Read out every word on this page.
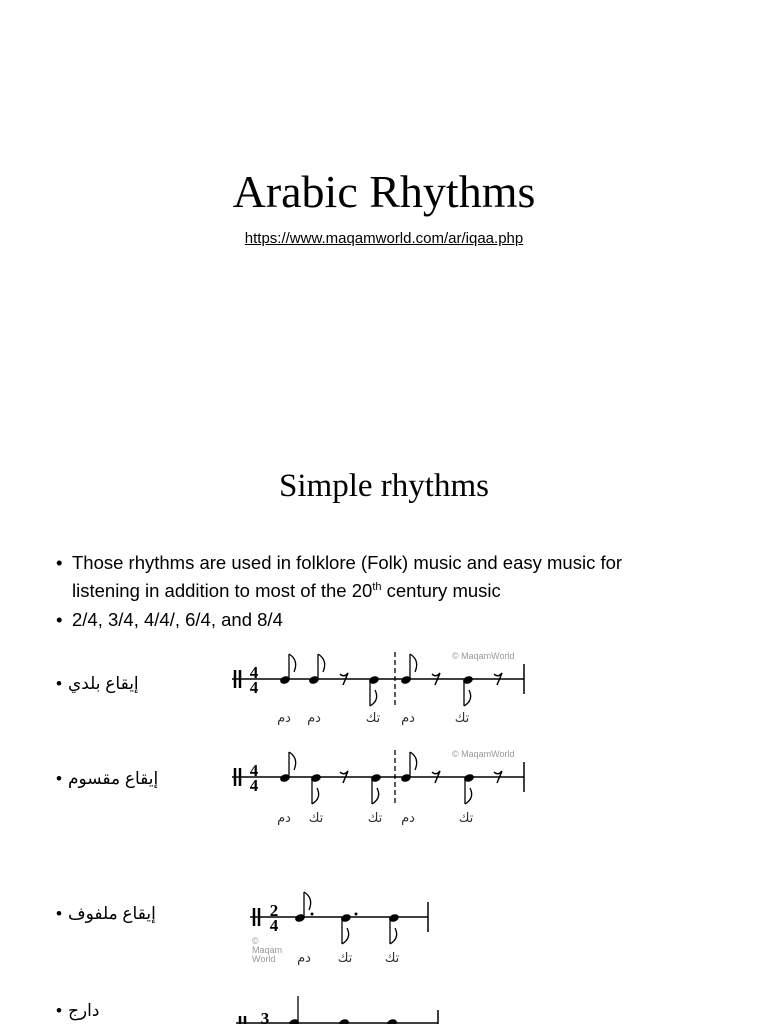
Arabic Rhythms
https://www.maqamworld.com/ar/iqaa.php
Simple rhythms
• Those rhythms are used in folklore (Folk) music and easy music for
listening in addition to most of the 20th century music
• 2/4, 3/4, 4/4/, 6/4, and 8/4
• إيقاع بلدي
© MaqamWorld
4
4
دم دم	تك دم	تك
• إيقاع مقسوم
© MaqamWorld
4
4
دم تك	تك دم	تك
• إيقاع ملفوف	2
4
©
Maqam
World دم تك تك
• دارج	3
